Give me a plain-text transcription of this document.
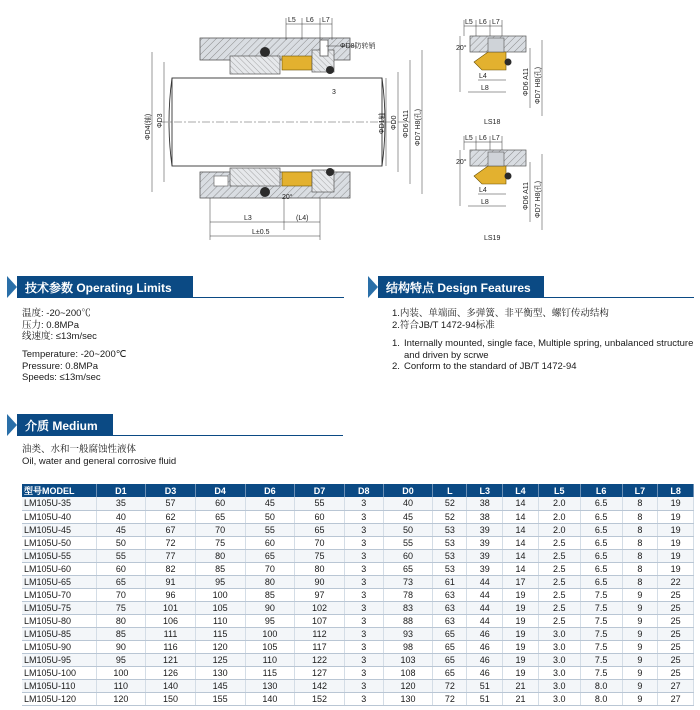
L5 L6 L7
ΦD8防转销
ΦD4(轴) ΦD3	ΦD1轴 ΦD0 ΦD6 A11 ΦD7 H8(孔)
3
20°
(L4)
L3
L±0.5
L5 L6 L7
20°
L4
L8	ΦD6 A11 ΦD7 H8(孔)
LS18
L5 L6 L7
20°
L4
L8	ΦD6 A11 ΦD7 H8(孔)
LS19
技术参数 Operating Limits

温度: -20~200℃

压力: 0.8MPa

线速度: ≤13m/sec

Temperature: -20~200℃

Pressure: 0.8MPa

Speeds: ≤13m/sec

结构特点 Design Features

1.内装、单端面、多弹簧、非平衡型、螺钉传动结构

2.符合JB/T 1472-94标准

1. Internally mounted, single face, Multiple spring, unbalanced structure and driven by scrwe
2. Conform to the standard of JB/T 1472-94
介质 Medium

油类、水和一般腐蚀性液体

Oil, water and general corrosive fluid

型号MODEL	D1	D3	D4	D6	D7	D8	D0	L	L3	L4	L5	L6	L7	L8
LM105U-35	35	57	60	45	55	3	40	52	38	14	2.0	6.5	8	19
LM105U-40	40	62	65	50	60	3	45	52	38	14	2.0	6.5	8	19
LM105U-45	45	67	70	55	65	3	50	53	39	14	2.0	6.5	8	19
LM105U-50	50	72	75	60	70	3	55	53	39	14	2.5	6.5	8	19
LM105U-55	55	77	80	65	75	3	60	53	39	14	2.5	6.5	8	19
LM105U-60	60	82	85	70	80	3	65	53	39	14	2.5	6.5	8	19
LM105U-65	65	91	95	80	90	3	73	61	44	17	2.5	6.5	8	22
LM105U-70	70	96	100	85	97	3	78	63	44	19	2.5	7.5	9	25
LM105U-75	75	101	105	90	102	3	83	63	44	19	2.5	7.5	9	25
LM105U-80	80	106	110	95	107	3	88	63	44	19	2.5	7.5	9	25
LM105U-85	85	111	115	100	112	3	93	65	46	19	3.0	7.5	9	25
LM105U-90	90	116	120	105	117	3	98	65	46	19	3.0	7.5	9	25
LM105U-95	95	121	125	110	122	3	103	65	46	19	3.0	7.5	9	25
LM105U-100	100	126	130	115	127	3	108	65	46	19	3.0	7.5	9	25
LM105U-110	110	140	145	130	142	3	120	72	51	21	3.0	8.0	9	27
LM105U-120	120	150	155	140	152	3	130	72	51	21	3.0	8.0	9	27
